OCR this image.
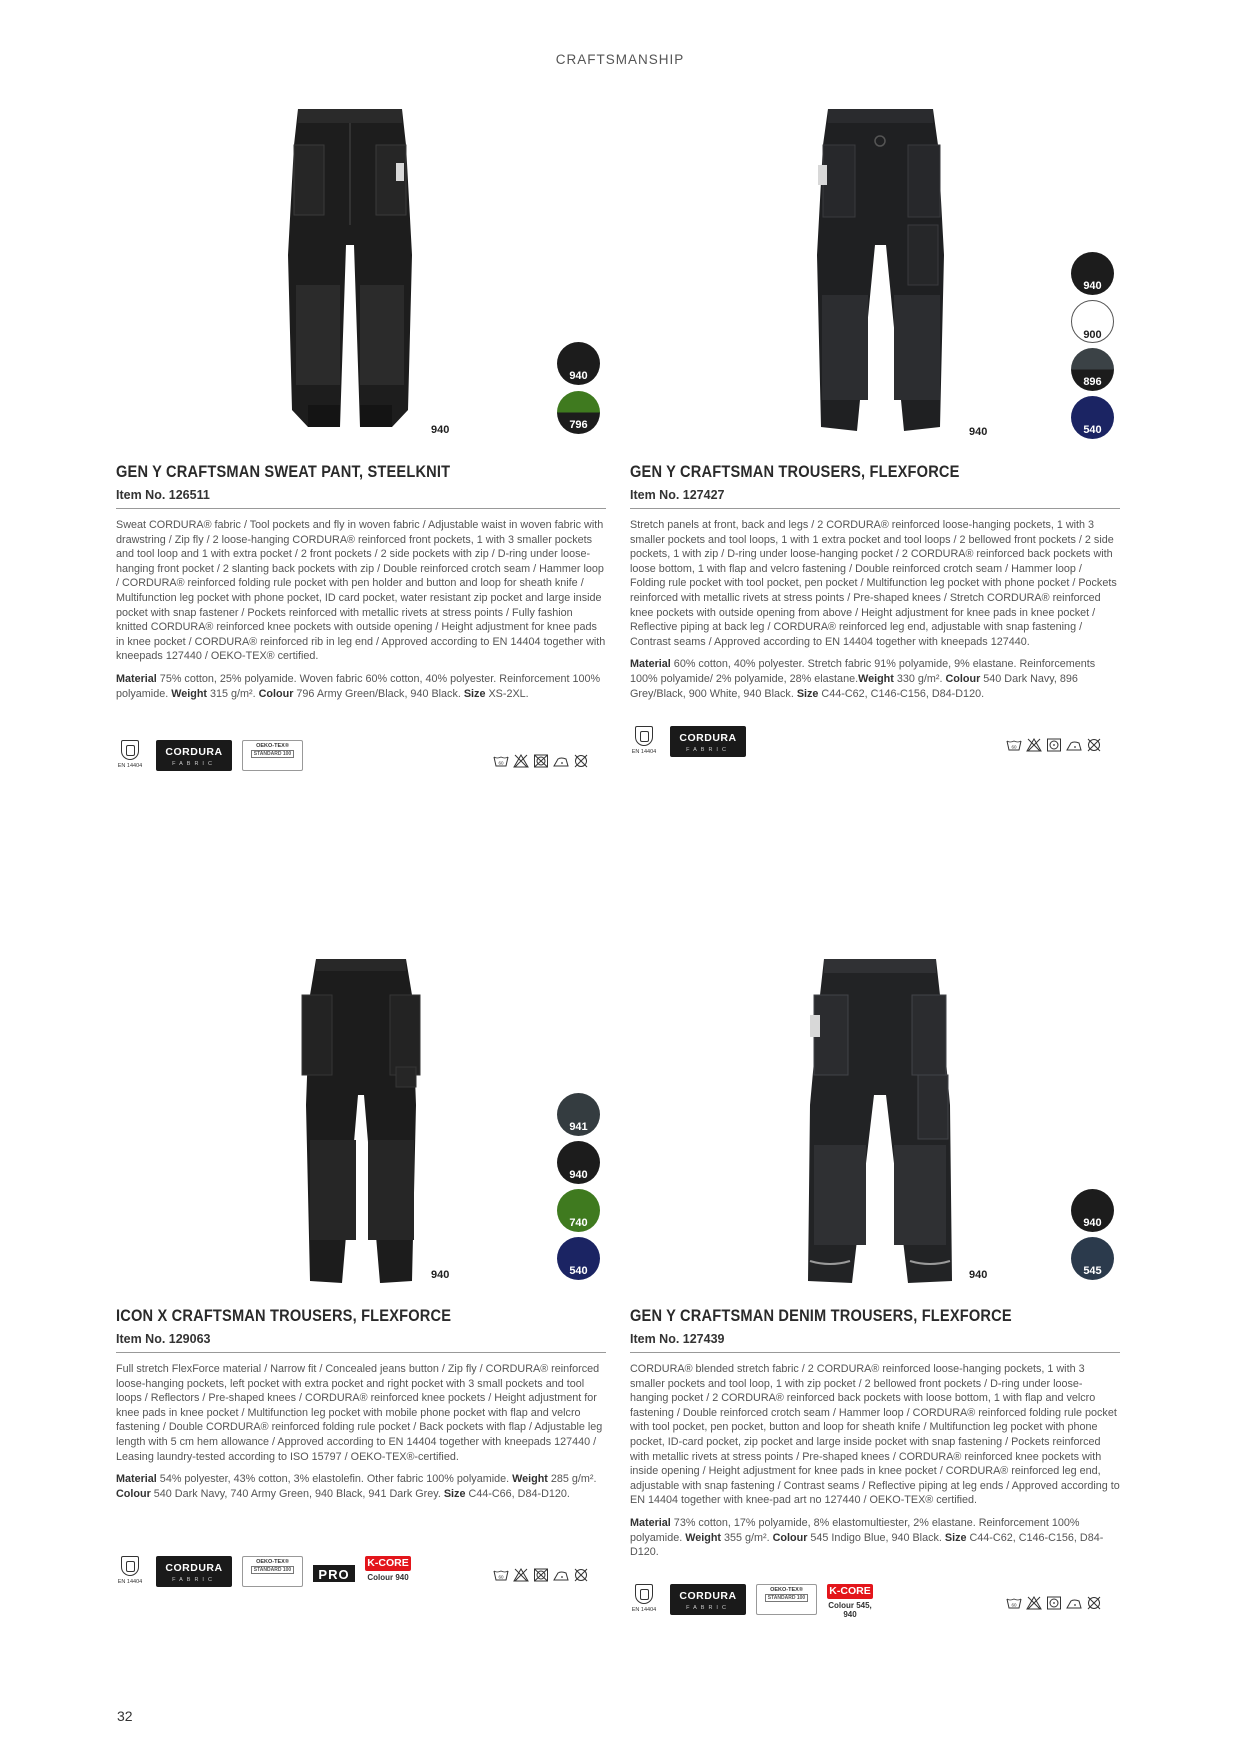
CRAFTSMANSHIP
940
940
796
GEN Y CRAFTSMAN SWEAT PANT, STEELKNIT
Item No. 126511
Sweat CORDURA® fabric / Tool pockets and fly in woven fabric / Adjustable waist in woven fabric with drawstring / Zip fly / 2 loose-hanging CORDURA® reinforced front pockets, 1 with 3 smaller pockets and tool loop and 1 with extra pocket / 2 front pockets / 2 side pockets with zip / D-ring under loose-hanging front pocket / 2 slanting back pockets with zip / Double reinforced crotch seam / Hammer loop / CORDURA® reinforced folding rule pocket with pen holder and button and loop for sheath knife / Multifunction leg pocket with phone pocket, ID card pocket, water resistant zip pocket and large inside pocket with snap fastener / Pockets reinforced with metallic rivets at stress points / Fully fashion knitted CORDURA® reinforced knee pockets with outside opening / Height adjustment for knee pads in knee pocket / CORDURA® reinforced rib in leg end / Approved according to EN 14404 together with kneepads 127440 / OEKO-TEX® certified.
Material 75% cotton, 25% polyamide. Woven fabric 60% cotton, 40% polyester. Reinforcement 100% polyamide. Weight 315 g/m². Colour 796 Army Green/Black, 940 Black. Size XS-2XL.
EN 14404
CORDURA
FABRIC
OEKO-TEX®
STANDARD 100
60
940
940
900
896
540
GEN Y CRAFTSMAN TROUSERS, FLEXFORCE
Item No. 127427
Stretch panels at front, back and legs / 2 CORDURA® reinforced loose-hanging pockets, 1 with 3 smaller pockets and tool loops, 1 with 1 extra pocket and tool loops / 2 bellowed front pockets / 2 side pockets, 1 with zip / D-ring under loose-hanging pocket / 2 CORDURA® reinforced back pockets with loose bottom, 1 with flap and velcro fastening / Double reinforced crotch seam / Hammer loop / Folding rule pocket with tool pocket, pen pocket / Multifunction leg pocket with phone pocket / Pockets reinforced with metallic rivets at stress points / Pre-shaped knees / Stretch CORDURA® reinforced knee pockets with outside opening from above / Height adjustment for knee pads in knee pocket / Reflective piping at back leg / CORDURA® reinforced leg end, adjustable with snap fastening / Contrast seams / Approved according to EN 14404 together with kneepads 127440.
Material 60% cotton, 40% polyester. Stretch fabric 91% polyamide, 9% elastane. Reinforcements 100% polyamide/ 2% polyamide, 28% elastane.Weight 330 g/m². Colour 540 Dark Navy, 896 Grey/Black, 900 White, 940 Black. Size C44-C62, C146-C156, D84-D120.
EN 14404
CORDURA
FABRIC	60
940
941
940
740
540
ICON X CRAFTSMAN TROUSERS, FLEXFORCE
Item No. 129063
Full stretch FlexForce material / Narrow fit / Concealed jeans button / Zip fly / CORDURA® reinforced loose-hanging pockets, left pocket with extra pocket and right pocket with 3 small pockets and tool loops / Reflectors / Pre-shaped knees / CORDURA® reinforced knee pockets / Height adjustment for knee pads in knee pocket / Multifunction leg pocket with mobile phone pocket with flap and velcro fastening / Double CORDURA® reinforced folding rule pocket / Back pockets with flap / Adjustable leg length with 5 cm hem allowance / Approved according to EN 14404 together with kneepads 127440 / Leasing laundry-tested according to ISO 15797 / OEKO-TEX®-certified.
Material 54% polyester, 43% cotton, 3% elastolefin. Other fabric 100% polyamide. Weight 285 g/m². Colour 540 Dark Navy, 740 Army Green, 940 Black, 941 Dark Grey. Size C44-C66, D84-D120.
EN 14404
CORDURA
FABRIC
OEKO-TEX®
STANDARD 100	PRO
K-CORE
Colour 940	60
940
940
545
GEN Y CRAFTSMAN DENIM TROUSERS, FLEXFORCE
Item No. 127439
CORDURA® blended stretch fabric / 2 CORDURA® reinforced loose-hanging pockets, 1 with 3 smaller pockets and tool loop, 1 with zip pocket / 2 bellowed front pockets / D-ring under loose-hanging pocket / 2 CORDURA® reinforced back pockets with loose bottom, 1 with flap and velcro fastening / Double reinforced crotch seam / Hammer loop / CORDURA® reinforced folding rule pocket with tool pocket, pen pocket, button and loop for sheath knife / Multifunction leg pocket with phone pocket, ID-card pocket, zip pocket and large inside pocket with snap fastening / Pockets reinforced with metallic rivets at stress points / Pre-shaped knees / CORDURA® reinforced knee pockets with inside opening / Height adjustment for knee pads in knee pocket / CORDURA® reinforced leg end, adjustable with snap fastening / Contrast seams / Reflective piping at leg ends / Approved according to EN 14404 together with knee-pad art no 127440 / OEKO-TEX® certified.
Material 73% cotton, 17% polyamide, 8% elastomultiester, 2% elastane. Reinforcement 100% polyamide. Weight 355 g/m². Colour 545 Indigo Blue, 940 Black. Size C44-C62, C146-C156, D84-D120.
EN 14404
CORDURA
FABRIC
OEKO-TEX®
STANDARD 100
K-CORE
Colour 545, 940
60
32
